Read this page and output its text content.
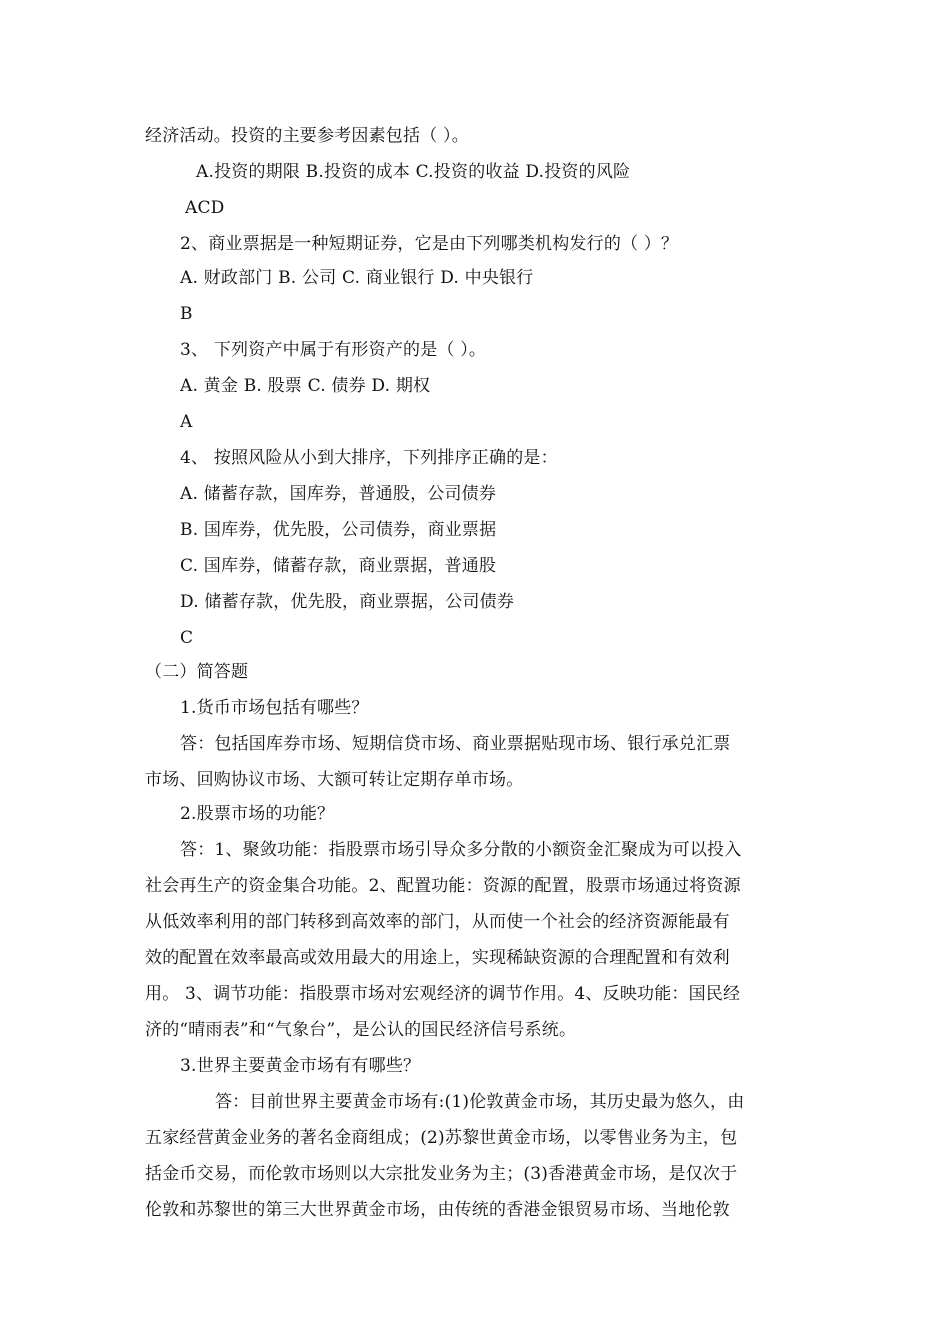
经济活动。投资的主要参考因素包括（ ）。
A.投资的期限 B.投资的成本 C.投资的收益 D.投资的风险
ACD
2、商业票据是一种短期证券，它是由下列哪类机构发行的（ ）？
A. 财政部门 B. 公司 C. 商业银行 D. 中央银行
B
3、 下列资产中属于有形资产的是（ ）。
A. 黄金 B. 股票 C. 债券 D. 期权
A
4、 按照风险从小到大排序，下列排序正确的是：
A. 储蓄存款，国库券，普通股，公司债券
B. 国库券，优先股，公司债券，商业票据
C. 国库券，储蓄存款，商业票据，普通股
D. 储蓄存款，优先股，商业票据，公司债券
C
（二）简答题
1.货币市场包括有哪些？
答：包括国库券市场、短期信贷市场、商业票据贴现市场、银行承兑汇票
市场、回购协议市场、大额可转让定期存单市场。
2.股票市场的功能？
答：1、聚敛功能：指股票市场引导众多分散的小额资金汇聚成为可以投入
社会再生产的资金集合功能。2、配置功能：资源的配置，股票市场通过将资源
从低效率利用的部门转移到高效率的部门，从而使一个社会的经济资源能最有
效的配置在效率最高或效用最大的用途上，实现稀缺资源的合理配置和有效利
用。 3、调节功能：指股票市场对宏观经济的调节作用。4、反映功能：国民经
济的“晴雨表”和“气象台”，是公认的国民经济信号系统。
3.世界主要黄金市场有有哪些？
答：目前世界主要黄金市场有:(1)伦敦黄金市场，其历史最为悠久，由
五家经营黄金业务的著名金商组成；(2)苏黎世黄金市场，以零售业务为主，包
括金币交易，而伦敦市场则以大宗批发业务为主；(3)香港黄金市场，是仅次于
伦敦和苏黎世的第三大世界黄金市场，由传统的香港金银贸易市场、当地伦敦
